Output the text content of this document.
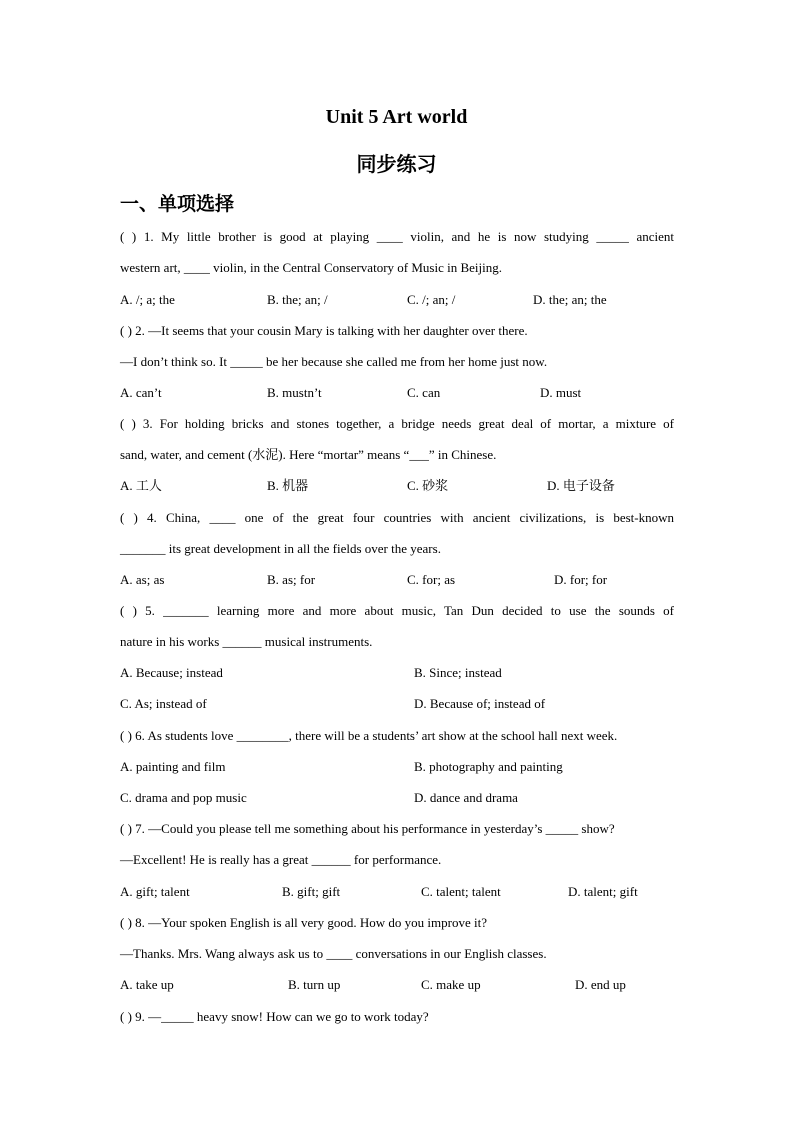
Unit 5 Art world
同步练习
一、单项选择
( ) 1. My little brother is good at playing ____ violin, and he is now studying _____ ancient
western art, ____ violin, in the Central Conservatory of Music in Beijing.
A. /; a; the	B. the; an; /	C. /; an; /	D. the; an; the
( ) 2. —It seems that your cousin Mary is talking with her daughter over there.
—I don’t think so. It _____ be her because she called me from her home just now.
A. can’t	B. mustn’t	C. can	D. must
( ) 3. For holding bricks and stones together, a bridge needs great deal of mortar, a mixture of
sand, water, and cement (水泥). Here “mortar” means “___” in Chinese.
A. 工人	B. 机器	C. 砂浆	D. 电子设备
( ) 4. China, ____ one of the great four countries with ancient civilizations, is best-known
_______ its great development in all the fields over the years.
A. as; as	B. as; for	C. for; as	D. for; for
( ) 5. _______ learning more and more about music, Tan Dun decided to use the sounds of
nature in his works ______ musical instruments.
A. Because; instead	B. Since; instead
C. As; instead of	D. Because of; instead of
( ) 6. As students love ________, there will be a students’ art show at the school hall next week.
A. painting and film	B. photography and painting
C. drama and pop music	D. dance and drama
( ) 7. —Could you please tell me something about his performance in yesterday’s _____ show?
—Excellent! He is really has a great ______ for performance.
A. gift; talent	B. gift; gift	C. talent; talent	D. talent; gift
( ) 8. —Your spoken English is all very good. How do you improve it?
—Thanks. Mrs. Wang always ask us to ____ conversations in our English classes.
A. take up	B. turn up	C. make up	D. end up
( ) 9. —_____ heavy snow! How can we go to work today?
